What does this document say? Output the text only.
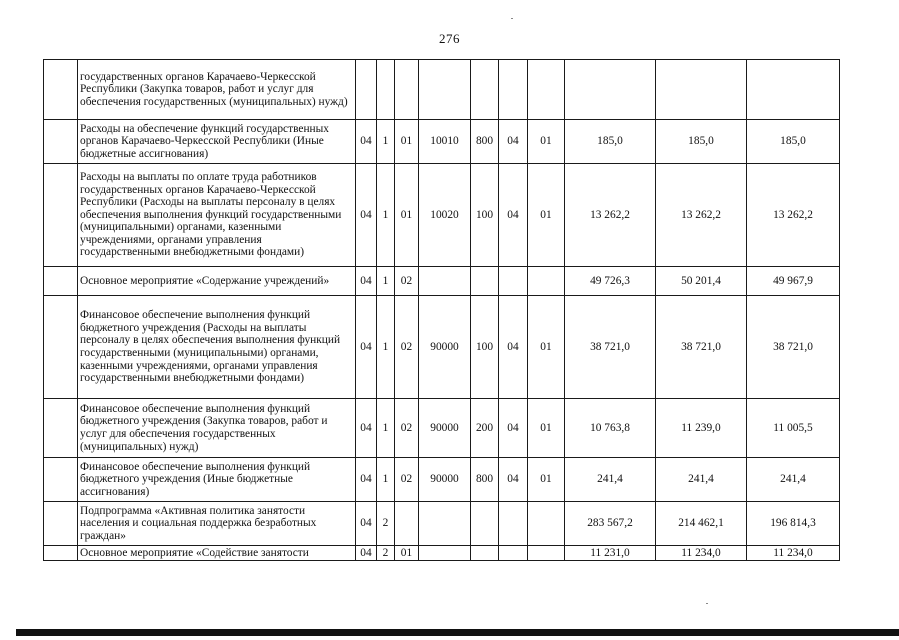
276
	государственных органов Карачаево-Черкесской Республики (Закупка товаров, работ и услуг для обеспечения государственных (муниципальных) нужд)										
	Расходы на обеспечение функций государственных органов Карачаево-Черкесской Республики (Иные бюджетные ассигнования)	04	1	01	10010	800	04	01	185,0	185,0	185,0
	Расходы на выплаты по оплате труда работников государственных органов Карачаево-Черкесской Республики (Расходы на выплаты персоналу в целях обеспечения выполнения функций государственными (муниципальными) органами, казенными учреждениями, органами управления государственными внебюджетными фондами)	04	1	01	10020	100	04	01	13 262,2	13 262,2	13 262,2
	Основное мероприятие «Содержание учреждений»	04	1	02					49 726,3	50 201,4	49 967,9
	Финансовое обеспечение выполнения функций бюджетного учреждения (Расходы на выплаты персоналу в целях обеспечения выполнения функций государственными (муниципальными) органами, казенными учреждениями, органами управления государственными внебюджетными фондами)	04	1	02	90000	100	04	01	38 721,0	38 721,0	38 721,0
	Финансовое обеспечение выполнения функций бюджетного учреждения (Закупка товаров, работ и услуг для обеспечения государственных (муниципальных) нужд)	04	1	02	90000	200	04	01	10 763,8	11 239,0	11 005,5
	Финансовое обеспечение выполнения функций бюджетного учреждения (Иные бюджетные ассигнования)	04	1	02	90000	800	04	01	241,4	241,4	241,4
	Подпрограмма «Активная политика занятости населения и социальная поддержка безработных граждан»	04	2						283 567,2	214 462,1	196 814,3
	Основное мероприятие «Содействие занятости	04	2	01					11 231,0	11 234,0	11 234,0
